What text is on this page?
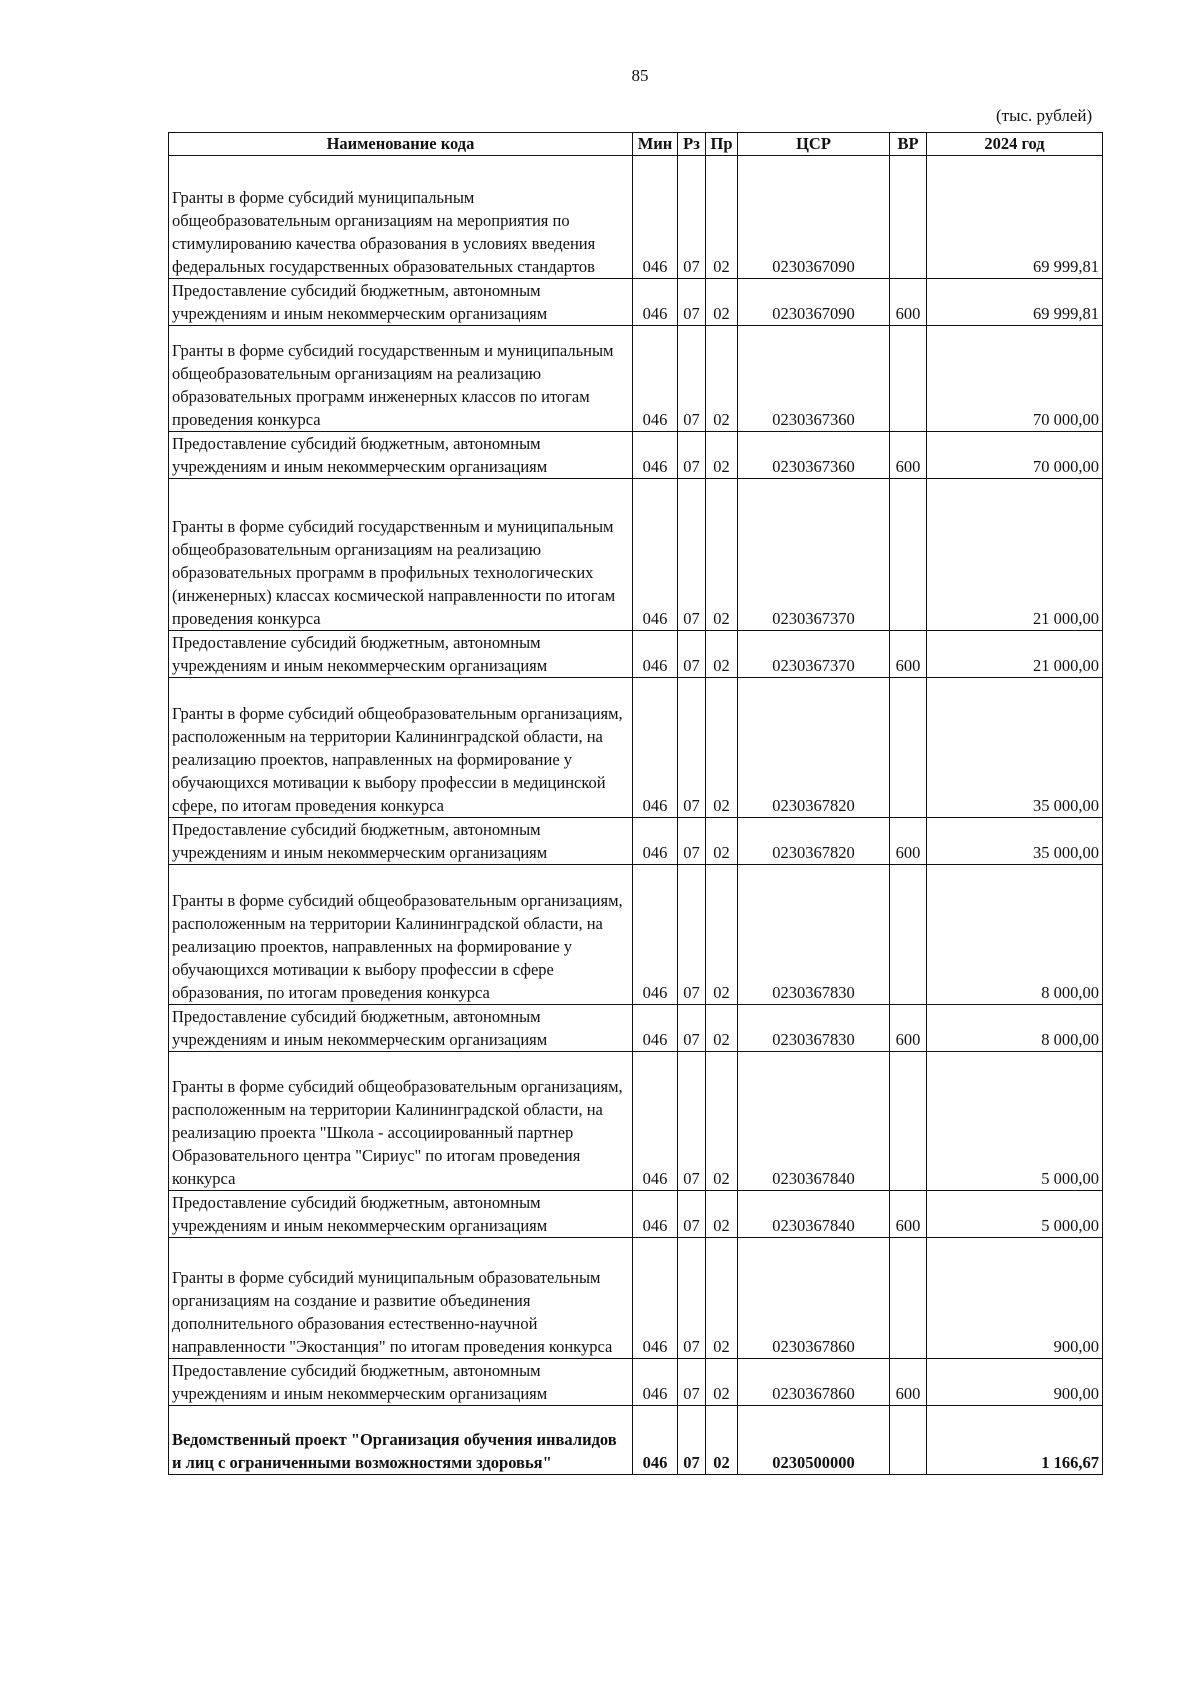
85
(тыс. рублей)
Наименование кода	Мин	Рз	Пр	ЦСР	ВР	2024 год
Гранты в форме субсидий муниципальным общеобразовательным организациям на мероприятия по стимулированию качества образования в условиях введения федеральных государственных образовательных стандартов	046	07	02	0230367090		69 999,81
Предоставление субсидий бюджетным, автономным учреждениям и иным некоммерческим организациям	046	07	02	0230367090	600	69 999,81
Гранты в форме субсидий государственным и муниципальным общеобразовательным организациям на реализацию образовательных программ инженерных классов по итогам проведения конкурса	046	07	02	0230367360		70 000,00
Предоставление субсидий бюджетным, автономным учреждениям и иным некоммерческим организациям	046	07	02	0230367360	600	70 000,00
Гранты в форме субсидий государственным и муниципальным общеобразовательным организациям на реализацию образовательных программ в профильных технологических (инженерных) классах космической направленности по итогам проведения конкурса	046	07	02	0230367370		21 000,00
Предоставление субсидий бюджетным, автономным учреждениям и иным некоммерческим организациям	046	07	02	0230367370	600	21 000,00
Гранты в форме субсидий общеобразовательным организациям, расположенным на территории Калининградской области, на реализацию проектов, направленных на формирование у обучающихся мотивации к выбору профессии в медицинской сфере, по итогам проведения конкурса	046	07	02	0230367820		35 000,00
Предоставление субсидий бюджетным, автономным учреждениям и иным некоммерческим организациям	046	07	02	0230367820	600	35 000,00
Гранты в форме субсидий общеобразовательным организациям, расположенным на территории Калининградской области, на реализацию проектов, направленных на формирование у обучающихся мотивации к выбору профессии в сфере образования, по итогам проведения конкурса	046	07	02	0230367830		8 000,00
Предоставление субсидий бюджетным, автономным учреждениям и иным некоммерческим организациям	046	07	02	0230367830	600	8 000,00
Гранты в форме субсидий общеобразовательным организациям, расположенным на территории Калининградской области, на реализацию проекта "Школа - ассоциированный партнер Образовательного центра "Сириус" по итогам проведения конкурса	046	07	02	0230367840		5 000,00
Предоставление субсидий бюджетным, автономным учреждениям и иным некоммерческим организациям	046	07	02	0230367840	600	5 000,00
Гранты в форме субсидий муниципальным образовательным организациям на создание и развитие объединения дополнительного образования естественно-научной направленности "Экостанция" по итогам проведения конкурса	046	07	02	0230367860		900,00
Предоставление субсидий бюджетным, автономным учреждениям и иным некоммерческим организациям	046	07	02	0230367860	600	900,00
Ведомственный проект "Организация обучения инвалидов и лиц с ограниченными возможностями здоровья"	046	07	02	0230500000		1 166,67
